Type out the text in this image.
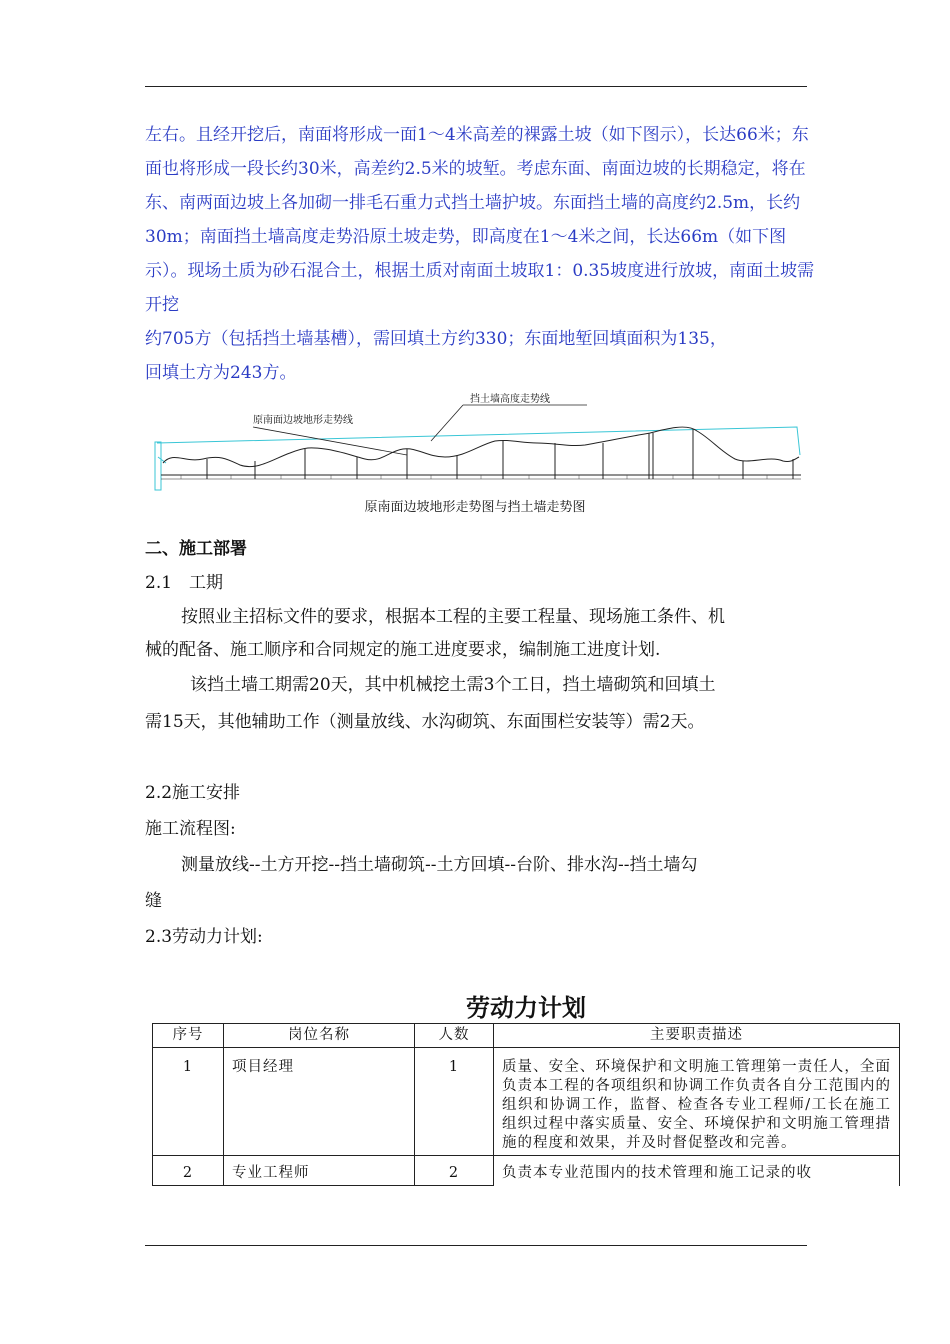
左右。且经开挖后，南面将形成一面1～4米高差的裸露土坡（如下图示），长达66米；东面也将形成一段长约30米，高差约2.5米的坡堑。考虑东面、南面边坡的长期稳定，将在东、南两面边坡上各加砌一排毛石重力式挡土墙护坡。东面挡土墙的高度约2.5m，长约30m；南面挡土墙高度走势沿原土坡走势，即高度在1～4米之间，长达66m（如下图示）。现场土质为砂石混合土，根据土质对南面土坡取1：0.35坡度进行放坡，南面土坡需开挖

约705方（包括挡土墙基槽），需回填土方约330；东面地堑回填面积为135，

回填土方为243方。

挡土墙高度走势线
原南面边坡地形走势线
原南面边坡地形走势图与挡土墙走势图
二、施工部署
2.1　工期
按照业主招标文件的要求，根据本工程的主要工程量、现场施工条件、机
械的配备、施工顺序和合同规定的施工进度要求，编制施工进度计划.
该挡土墙工期需20天，其中机械挖土需3个工日，挡土墙砌筑和回填土
需15天，其他辅助工作（测量放线、水沟砌筑、东面围栏安装等）需2天。
2.2施工安排
施工流程图:
测量放线--土方开挖--挡土墙砌筑--土方回填--台阶、排水沟--挡土墙勾
缝
2.3劳动力计划:
劳动力计划
序号	岗位名称	人数	主要职责描述
1	项目经理	1	质量、安全、环境保护和文明施工管理第一责任人，全面负责本工程的各项组织和协调工作负责各自分工范围内的组织和协调工作，监督、检查各专业工程师/工长在施工组织过程中落实质量、安全、环境保护和文明施工管理措施的程度和效果，并及时督促整改和完善。
2	专业工程师	2	负责本专业范围内的技术管理和施工记录的收
